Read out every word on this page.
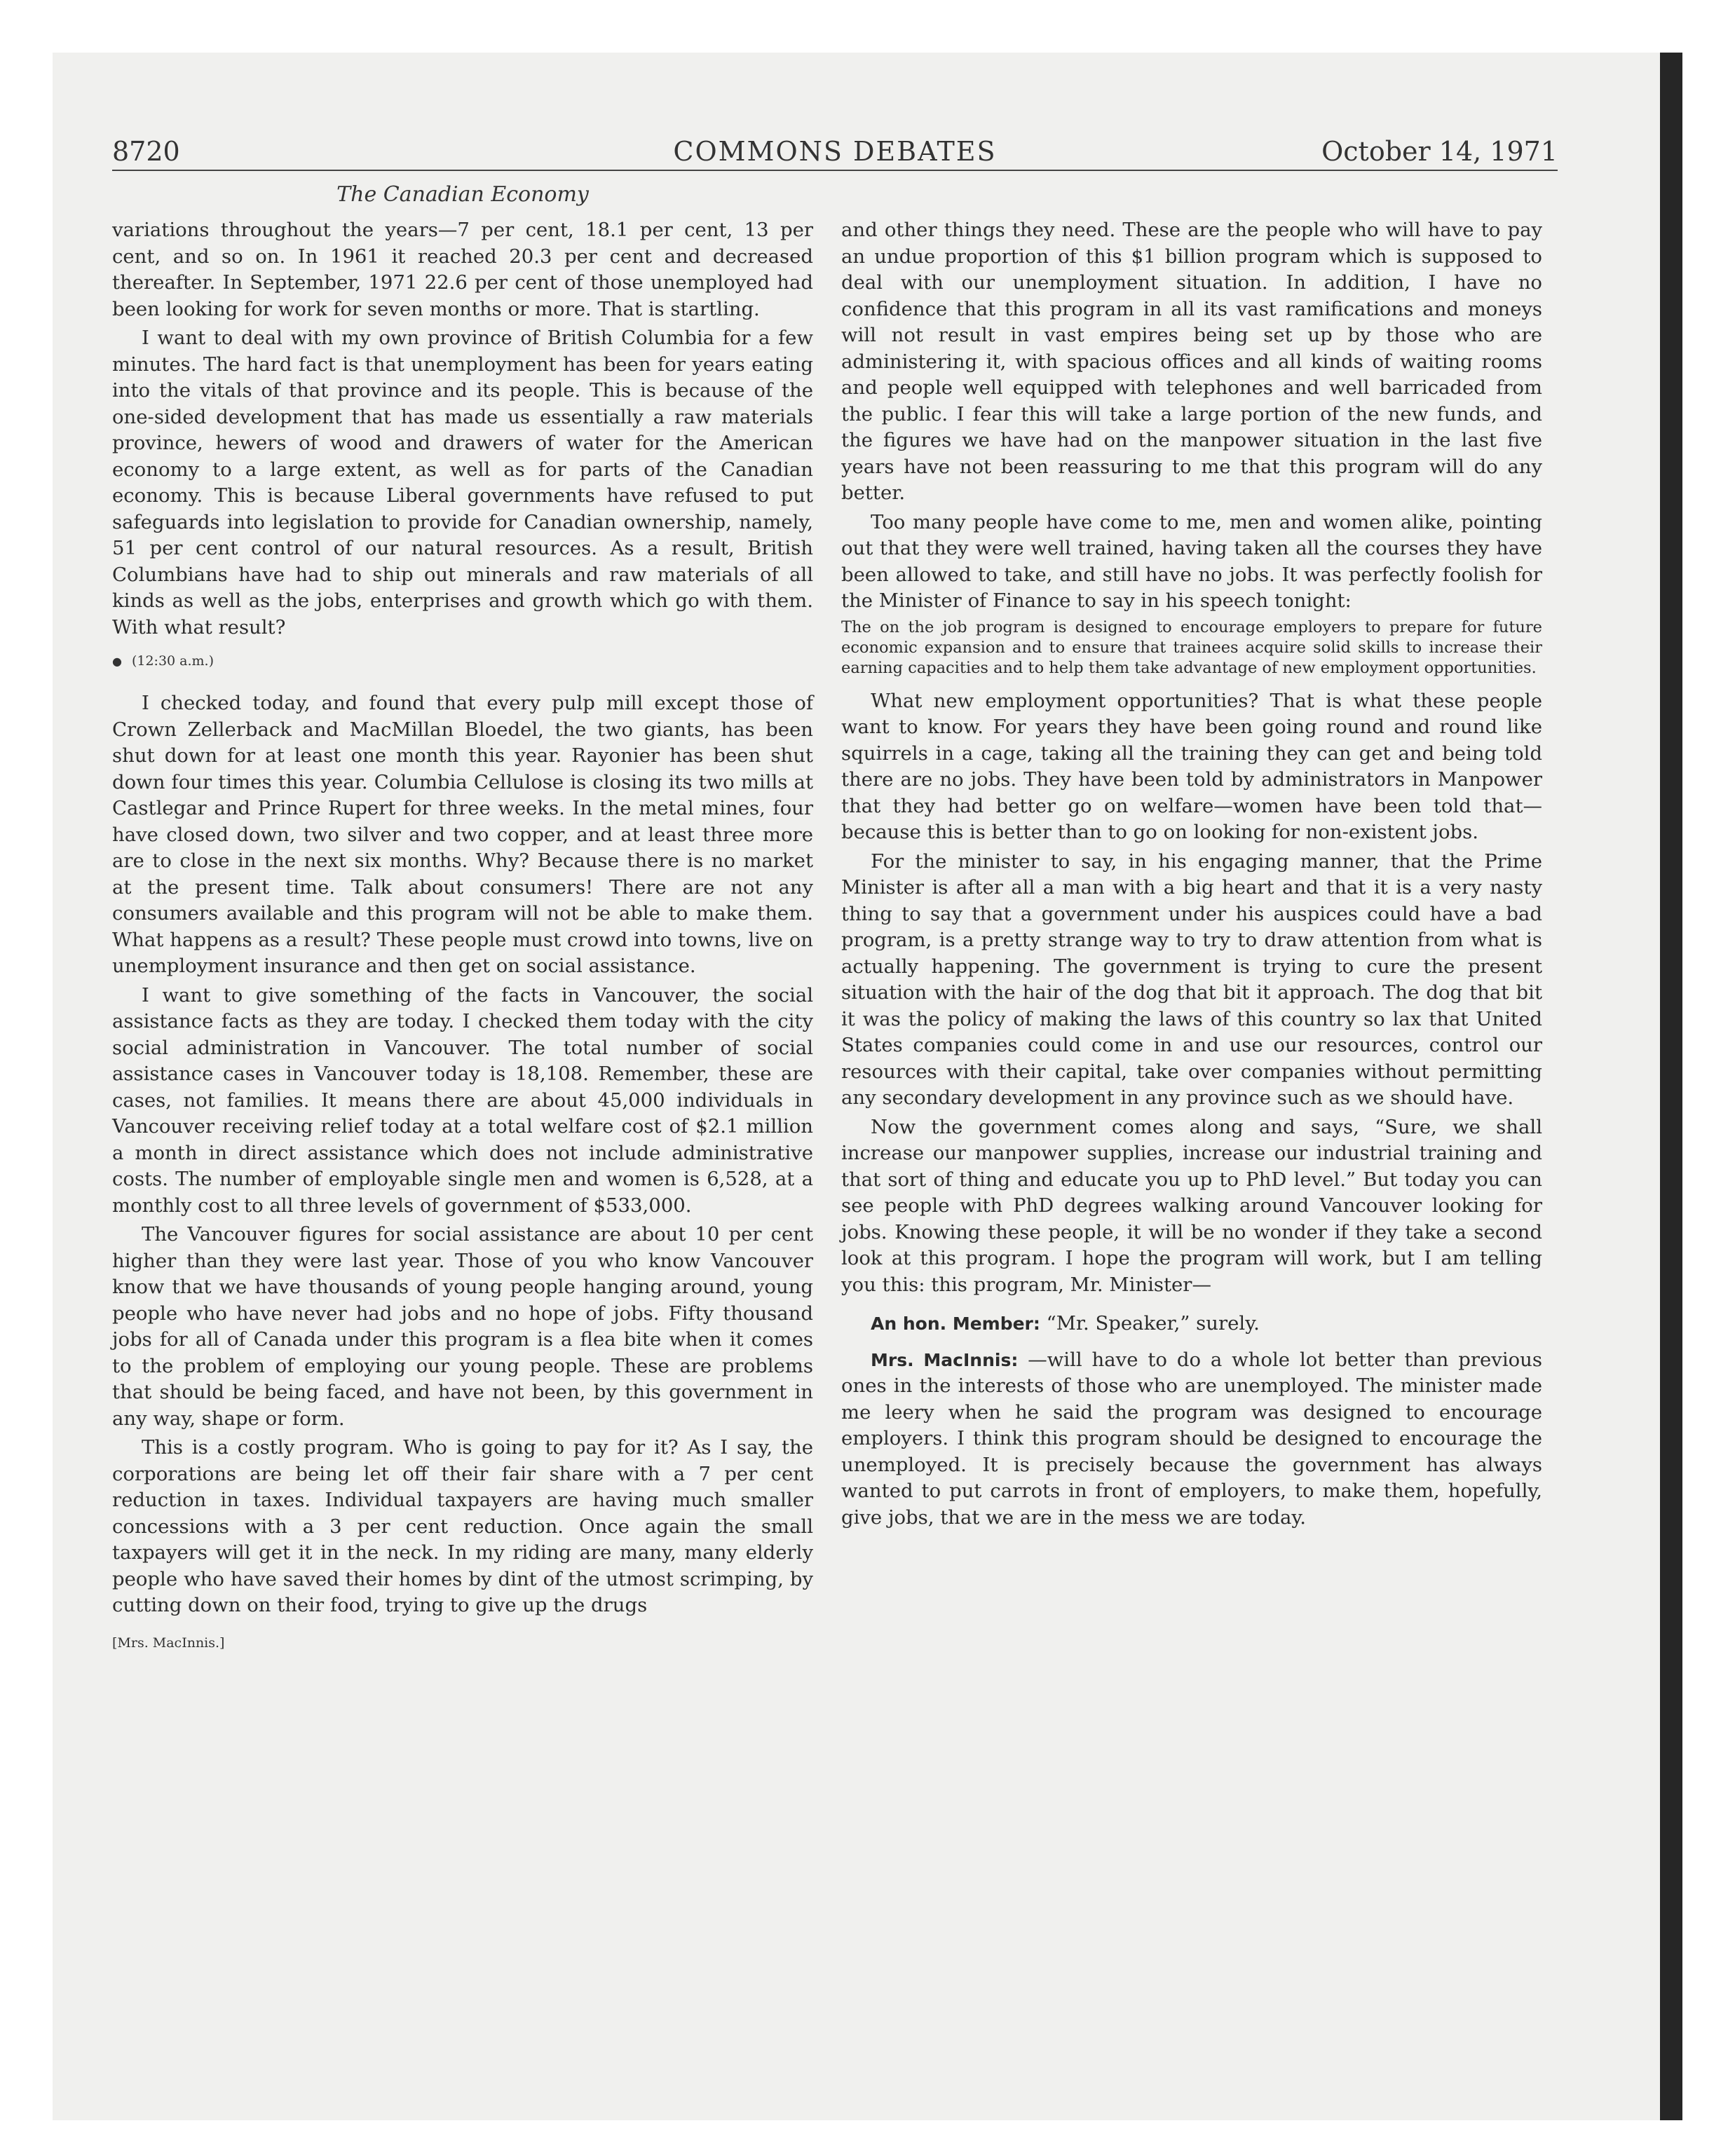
8720	COMMONS DEBATES	October 14, 1971
The Canadian Economy

variations throughout the years—7 per cent, 18.1 per cent, 13 per cent, and so on. In 1961 it reached 20.3 per cent and decreased thereafter. In September, 1971 22.6 per cent of those unemployed had been looking for work for seven months or more. That is startling.

I want to deal with my own province of British Columbia for a few minutes. The hard fact is that unemployment has been for years eating into the vitals of that province and its people. This is because of the one-sided development that has made us essentially a raw materials province, hewers of wood and drawers of water for the American economy to a large extent, as well as for parts of the Canadian economy. This is because Liberal governments have refused to put safeguards into legislation to provide for Canadian ownership, namely, 51 per cent control of our natural resources. As a result, British Columbians have had to ship out minerals and raw materials of all kinds as well as the jobs, enterprises and growth which go with them. With what result?

● (12:30 a.m.)

I checked today, and found that every pulp mill except those of Crown Zellerback and MacMillan Bloedel, the two giants, has been shut down for at least one month this year. Rayonier has been shut down four times this year. Columbia Cellulose is closing its two mills at Castlegar and Prince Rupert for three weeks. In the metal mines, four have closed down, two silver and two copper, and at least three more are to close in the next six months. Why? Because there is no market at the present time. Talk about consumers! There are not any consumers available and this program will not be able to make them. What happens as a result? These people must crowd into towns, live on unemployment insurance and then get on social assistance.

I want to give something of the facts in Vancouver, the social assistance facts as they are today. I checked them today with the city social administration in Vancouver. The total number of social assistance cases in Vancouver today is 18,108. Remember, these are cases, not families. It means there are about 45,000 individuals in Vancouver receiving relief today at a total welfare cost of $2.1 million a month in direct assistance which does not include administrative costs. The number of employable single men and women is 6,528, at a monthly cost to all three levels of government of $533,000.

The Vancouver figures for social assistance are about 10 per cent higher than they were last year. Those of you who know Vancouver know that we have thousands of young people hanging around, young people who have never had jobs and no hope of jobs. Fifty thousand jobs for all of Canada under this program is a flea bite when it comes to the problem of employing our young people. These are problems that should be being faced, and have not been, by this government in any way, shape or form.

This is a costly program. Who is going to pay for it? As I say, the corporations are being let off their fair share with a 7 per cent reduction in taxes. Individual taxpayers are having much smaller concessions with a 3 per cent reduction. Once again the small taxpayers will get it in the neck. In my riding are many, many elderly people who have saved their homes by dint of the utmost scrimping, by cutting down on their food, trying to give up the drugs

[Mrs. MacInnis.]

and other things they need. These are the people who will have to pay an undue proportion of this $1 billion program which is supposed to deal with our unemployment situation. In addition, I have no confidence that this program in all its vast ramifications and moneys will not result in vast empires being set up by those who are administering it, with spacious offices and all kinds of waiting rooms and people well equipped with telephones and well barricaded from the public. I fear this will take a large portion of the new funds, and the figures we have had on the manpower situation in the last five years have not been reassuring to me that this program will do any better.

Too many people have come to me, men and women alike, pointing out that they were well trained, having taken all the courses they have been allowed to take, and still have no jobs. It was perfectly foolish for the Minister of Finance to say in his speech tonight:

The on the job program is designed to encourage employers to prepare for future economic expansion and to ensure that trainees acquire solid skills to increase their earning capacities and to help them take advantage of new employment opportunities.

What new employment opportunities? That is what these people want to know. For years they have been going round and round like squirrels in a cage, taking all the training they can get and being told there are no jobs. They have been told by administrators in Manpower that they had better go on welfare—women have been told that—because this is better than to go on looking for non-existent jobs.

For the minister to say, in his engaging manner, that the Prime Minister is after all a man with a big heart and that it is a very nasty thing to say that a government under his auspices could have a bad program, is a pretty strange way to try to draw attention from what is actually happening. The government is trying to cure the present situation with the hair of the dog that bit it approach. The dog that bit it was the policy of making the laws of this country so lax that United States companies could come in and use our resources, control our resources with their capital, take over companies without permitting any secondary development in any province such as we should have.

Now the government comes along and says, “Sure, we shall increase our manpower supplies, increase our industrial training and that sort of thing and educate you up to PhD level.” But today you can see people with PhD degrees walking around Vancouver looking for jobs. Knowing these people, it will be no wonder if they take a second look at this program. I hope the program will work, but I am telling you this: this program, Mr. Minister—

An hon. Member: “Mr. Speaker,” surely.

Mrs. MacInnis: —will have to do a whole lot better than previous ones in the interests of those who are unemployed. The minister made me leery when he said the program was designed to encourage employers. I think this program should be designed to encourage the unemployed. It is precisely because the government has always wanted to put carrots in front of employers, to make them, hopefully, give jobs, that we are in the mess we are today.
